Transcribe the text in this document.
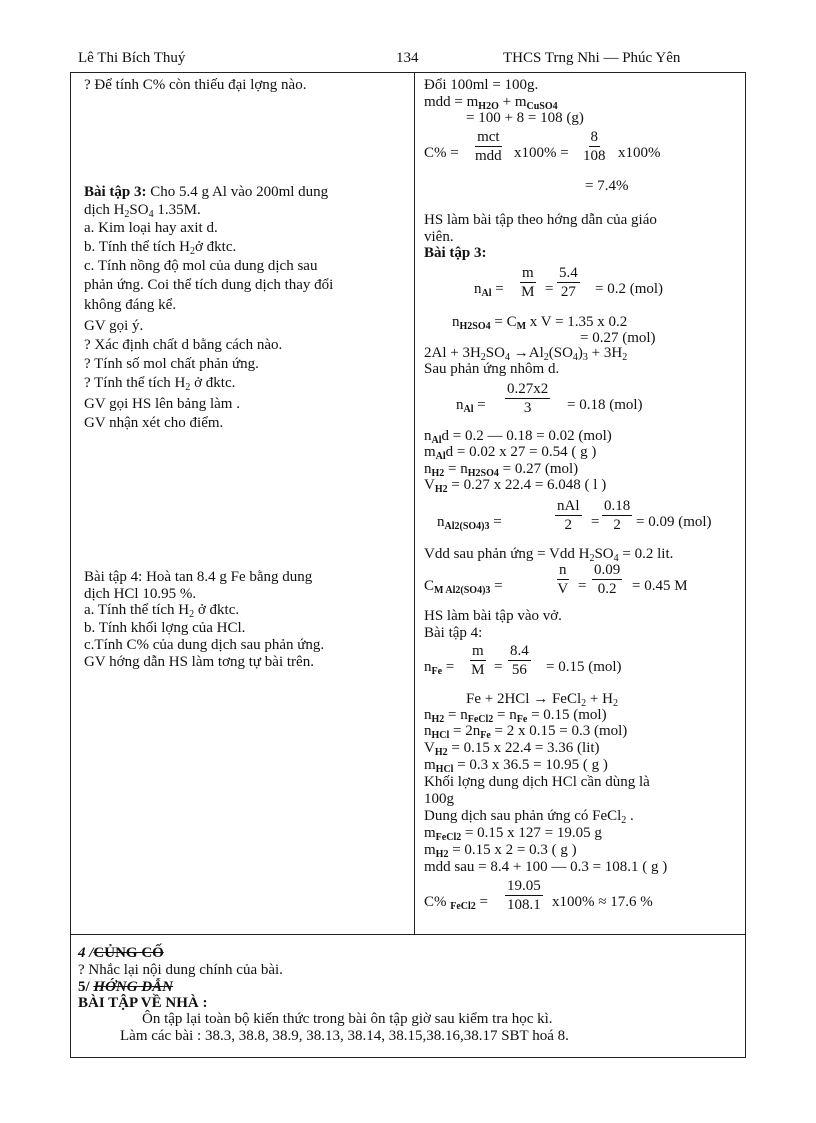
Lê Thi Bích Thuý	134	THCS Trng Nhi — Phúc Yên
? Để tính C% còn thiếu đại lợng nào.
Bài tập 3: Cho 5.4 g Al vào 200ml dung
dịch $H_2SO_4$ 1.35M.
a. Kim loại hay axit d.
b. Tính thể tích $H_2ở$ đktc.
c. Tính nồng độ mol của dung dịch sau
phản ứng. Coi thể tích dung dịch thay đổi
không đáng kể.
GV gọi ý.
? Xác định chất d bằng cách nào.
? Tính số mol chất phản ứng.
? Tính thể tích $H_2$ ở đktc.
GV gọi HS lên bảng làm .
GV nhận xét cho điểm.
Bài tập 4: Hoà tan 8.4 g Fe bằng dung
dịch HCl 10.95 %.
a. Tính thể tích $H_2$ ở đktc.
b. Tính khối lợng của HCl.
c.Tính C% của dung dịch sau phản ứng.
GV hớng dẫn HS làm tơng tự bài trên.
Đổi 100ml = 100g.
mdd = $m_{H2O} + m_{CuSO4}$
= 100 + 8 = 108 (g)
C% =
mct
mdd $x100\% = \frac{8}{108} x100\%$
= 7.4%
HS làm bài tập theo hớng dẫn của giáo
viên.
Bài tập 3:
$n_{Al} = \frac{m}{M} = \frac{5.4}{27} = 0.2$ (mol)
$n_{H2SO4} = C_M$ x V = 1.35 x 0.2
= 0.27 (mol)
$2Al + 3H_2SO_4 \to Al_2(SO_4)_3 + 3H_2$
Sau phản ứng nhôm d.
$n_{Al} = \frac{0.27x2}{3} = 0.18$ (mol)
$n_{Al}d = 0.2$ — 0.18 = 0.02 (mol)
$m_{Al}d = 0.02$ x 27 = 0.54 ( g )
$n_{H2} = n_{H2SO4} = 0.27$ (mol)
$V_{H2} = 0.27$ x 22.4 = 6.048 ( l )
$n_{Al2(SO4)3}$ =
nAl
$2 = \frac{0.18}{2} = 0.09$ (mol)
Vdd sau phản ứng = Vdd $H_2SO_4 = 0.2$ lit.
$C_{M Al2(SO4)3}$ =	$\frac{n}{V} = \frac{0.09}{0.2} = 0.45$ M
HS làm bài tập vào vở.
Bài tập 4:
$n_{Fe} = \frac{m}{M} = \frac{8.4}{56} = 0.15$ (mol)
Fe + 2HCl → FeCl$_2$ + $H_2$
$n_{H2} = n_{FeCl2} = n_{Fe} = 0.15$ (mol)
$n_{HCl} = 2n_{Fe} = 2$ x 0.15 = 0.3 (mol)
$V_{H2} = 0.15$ x 22.4 = 3.36 (lit)
$m_{HCl} = 0.3$ x 36.5 = 10.95 ( g )
Khối lợng dung dịch HCl cần dùng là
100g
Dung dịch sau phản ứng có FeCl$_2$ .
$m_{FeCl2} = 0.15$ x 127 = 19.05 g
$m_{H2} = 0.15$ x 2 = 0.3 ( g )
mdd sau = 8.4 + 100 — 0.3 = 108.1 ( g )
C% $_{FeCl2} = \frac{19.05}{108.1} x100\% \approx 17.6$ %
4 /CỦNG CỐ
? Nhắc lại nội dung chính của bài.
5/ HỚNG DẪN
BÀI TẬP VỀ NHÀ :
Ôn tập lại toàn bộ kiến thức trong bài ôn tập giờ sau kiểm tra học kì.
Làm các bài : 38.3, 38.8, 38.9, 38.13, 38.14, 38.15,38.16,38.17 SBT hoá 8.
